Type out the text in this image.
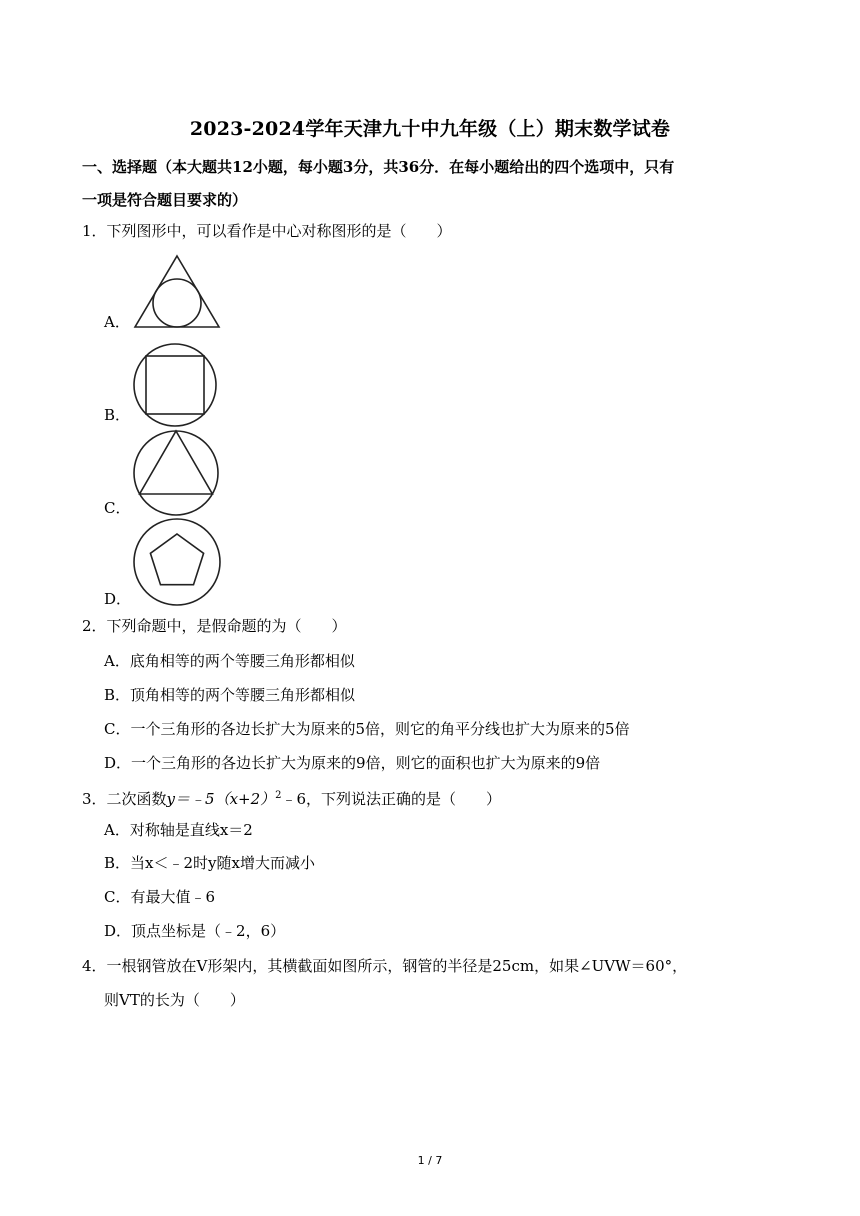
2023-2024学年天津九十中九年级（上）期末数学试卷
一、选择题（本大题共12小题，每小题3分，共36分．在每小题给出的四个选项中，只有
一项是符合题目要求的）
1．下列图形中，可以看作是中心对称图形的是（　　）
A．
B．
C．
D．
2．下列命题中，是假命题的为（　　）
A．底角相等的两个等腰三角形都相似
B．顶角相等的两个等腰三角形都相似
C．一个三角形的各边长扩大为原来的5倍，则它的角平分线也扩大为原来的5倍
D．一个三角形的各边长扩大为原来的9倍，则它的面积也扩大为原来的9倍
3．二次函数$y=﹣5(x+2)^2﹣6$，下列说法正确的是（　　）
A．对称轴是直线x＝2
B．当x＜﹣2时y随x增大而减小
C．有最大值﹣6
D．顶点坐标是（﹣2，6）
4．一根钢管放在V形架内，其横截面如图所示，钢管的半径是25cm，如果∠UVW＝60°，
则VT的长为（　　）
1 / 7
